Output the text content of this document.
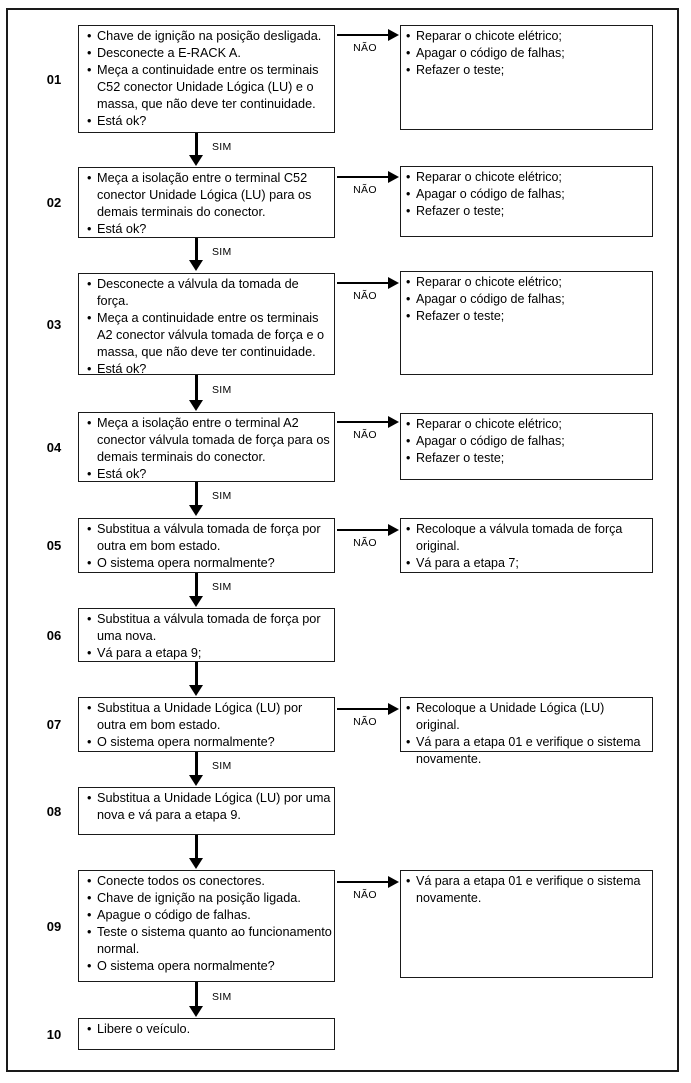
01
• Chave de ignição na posição desligada.
• Desconecte a E-RACK A.
• Meça a continuidade entre os terminais C52 conector Unidade Lógica (LU) e o massa, que não deve ter continuidade.
• Está ok?
NÃO
• Reparar o chicote elétrico;
• Apagar o código de falhas;
• Refazer o teste;
SIM
02
• Meça a isolação entre o terminal C52 conector Unidade Lógica (LU) para os demais terminais do conector.
• Está ok?
NÃO
• Reparar o chicote elétrico;
• Apagar o código de falhas;
• Refazer o teste;
SIM
03
• Desconecte a válvula da tomada de força.
• Meça a continuidade entre os terminais A2 conector válvula tomada de força e o massa, que não deve ter continuidade.
• Está ok?
NÃO
• Reparar o chicote elétrico;
• Apagar o código de falhas;
• Refazer o teste;
SIM
04
• Meça a isolação entre o terminal A2 conector válvula tomada de força para os demais terminais do conector.
• Está ok?
NÃO
• Reparar o chicote elétrico;
• Apagar o código de falhas;
• Refazer o teste;
SIM
05
• Substitua a válvula tomada de força por outra em bom estado.
• O sistema opera normalmente?
NÃO
• Recoloque a válvula tomada de força original.
• Vá para a etapa 7;
SIM
06
• Substitua a válvula tomada de força por uma nova.
• Vá para a etapa 9;
07
• Substitua a Unidade Lógica (LU) por outra em bom estado.
• O sistema opera normalmente?
NÃO
• Recoloque a Unidade Lógica (LU) original.
• Vá para a etapa 01 e verifique o sistema novamente.
SIM
08
• Substitua a Unidade Lógica (LU) por uma nova e vá para a etapa 9.
09
• Conecte todos os conectores.
• Chave de ignição na posição ligada.
• Apague o código de falhas.
• Teste o sistema quanto ao funcionamento normal.
• O sistema opera normalmente?
NÃO
• Vá para a etapa 01 e verifique o sistema novamente.
SIM
10	• Libere o veículo.
